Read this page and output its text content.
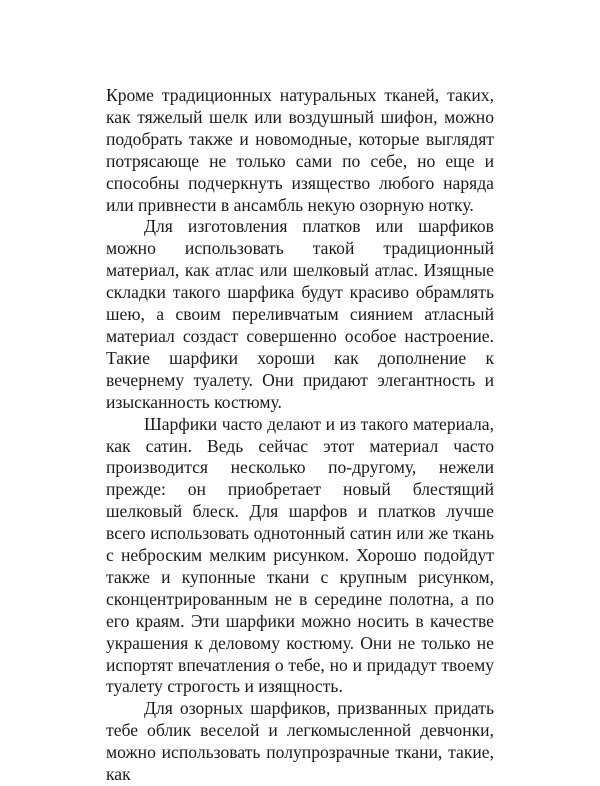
Кроме традиционных натуральных тканей, таких, как тяжелый шелк или воздушный шифон, можно подобрать также и новомодные, которые выглядят потрясающе не только сами по себе, но еще и способны подчеркнуть изящество любого наряда или привнести в ансамбль некую озорную нотку.

Для изготовления платков или шарфиков можно использовать такой традиционный материал, как атлас или шелковый атлас. Изящные складки такого шарфика будут красиво обрамлять шею, а своим переливчатым сиянием атласный материал создаст совершенно особое настроение. Такие шарфики хороши как дополнение к вечернему туалету. Они придают элегантность и изысканность костюму.

Шарфики часто делают и из такого материала, как сатин. Ведь сейчас этот материал часто производится несколько по-другому, нежели прежде: он приобретает новый блестящий шелковый блеск. Для шарфов и платков лучше всего использовать однотонный сатин или же ткань с неброским мелким рисунком. Хорошо подойдут также и купонные ткани с крупным рисунком, сконцентрированным не в середине полотна, а по его краям. Эти шарфики можно носить в качестве украшения к деловому костюму. Они не только не испортят впечатления о тебе, но и придадут твоему туалету строгость и изящность.

Для озорных шарфиков, призванных придать тебе облик веселой и легкомысленной девчонки, можно использовать полупрозрачные ткани, такие, как
